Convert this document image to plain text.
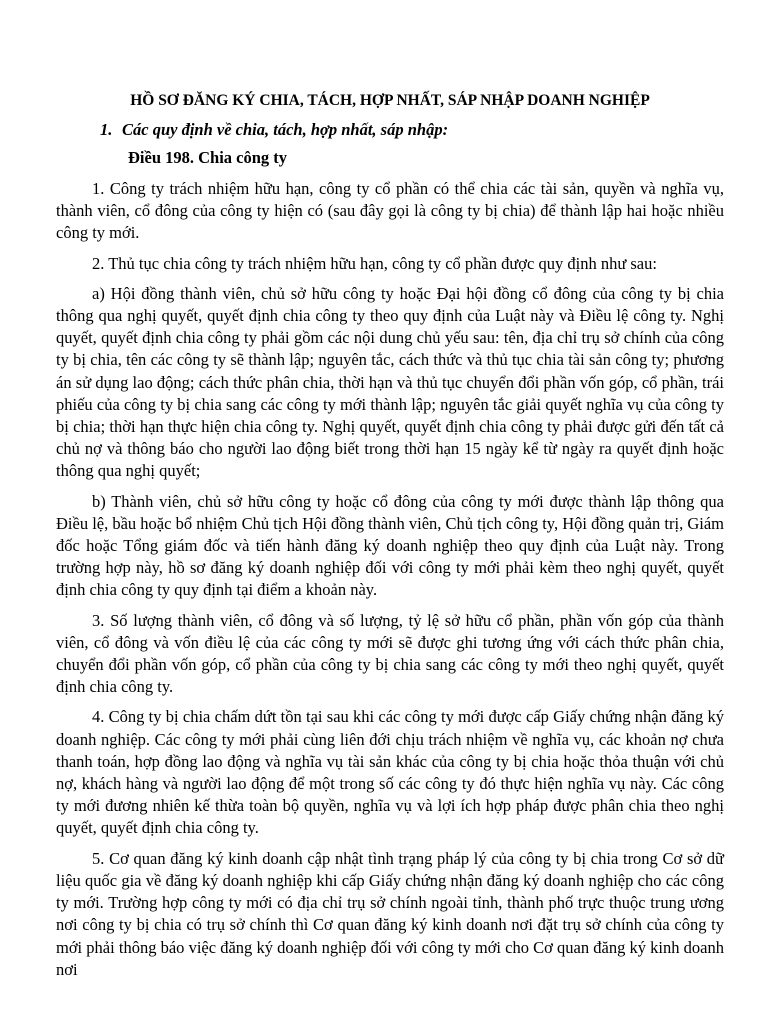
HỒ SƠ ĐĂNG KÝ CHIA, TÁCH, HỢP NHẤT, SÁP NHẬP DOANH NGHIỆP
1. Các quy định về chia, tách, hợp nhất, sáp nhập:
Điều 198. Chia công ty

1. Công ty trách nhiệm hữu hạn, công ty cổ phần có thể chia các tài sản, quyền và nghĩa vụ, thành viên, cổ đông của công ty hiện có (sau đây gọi là công ty bị chia) để thành lập hai hoặc nhiều công ty mới.

2. Thủ tục chia công ty trách nhiệm hữu hạn, công ty cổ phần được quy định như sau:

a) Hội đồng thành viên, chủ sở hữu công ty hoặc Đại hội đồng cổ đông của công ty bị chia thông qua nghị quyết, quyết định chia công ty theo quy định của Luật này và Điều lệ công ty. Nghị quyết, quyết định chia công ty phải gồm các nội dung chủ yếu sau: tên, địa chỉ trụ sở chính của công ty bị chia, tên các công ty sẽ thành lập; nguyên tắc, cách thức và thủ tục chia tài sản công ty; phương án sử dụng lao động; cách thức phân chia, thời hạn và thủ tục chuyển đổi phần vốn góp, cổ phần, trái phiếu của công ty bị chia sang các công ty mới thành lập; nguyên tắc giải quyết nghĩa vụ của công ty bị chia; thời hạn thực hiện chia công ty. Nghị quyết, quyết định chia công ty phải được gửi đến tất cả chủ nợ và thông báo cho người lao động biết trong thời hạn 15 ngày kể từ ngày ra quyết định hoặc thông qua nghị quyết;

b) Thành viên, chủ sở hữu công ty hoặc cổ đông của công ty mới được thành lập thông qua Điều lệ, bầu hoặc bổ nhiệm Chủ tịch Hội đồng thành viên, Chủ tịch công ty, Hội đồng quản trị, Giám đốc hoặc Tổng giám đốc và tiến hành đăng ký doanh nghiệp theo quy định của Luật này. Trong trường hợp này, hồ sơ đăng ký doanh nghiệp đối với công ty mới phải kèm theo nghị quyết, quyết định chia công ty quy định tại điểm a khoản này.

3. Số lượng thành viên, cổ đông và số lượng, tỷ lệ sở hữu cổ phần, phần vốn góp của thành viên, cổ đông và vốn điều lệ của các công ty mới sẽ được ghi tương ứng với cách thức phân chia, chuyển đổi phần vốn góp, cổ phần của công ty bị chia sang các công ty mới theo nghị quyết, quyết định chia công ty.

4. Công ty bị chia chấm dứt tồn tại sau khi các công ty mới được cấp Giấy chứng nhận đăng ký doanh nghiệp. Các công ty mới phải cùng liên đới chịu trách nhiệm về nghĩa vụ, các khoản nợ chưa thanh toán, hợp đồng lao động và nghĩa vụ tài sản khác của công ty bị chia hoặc thỏa thuận với chủ nợ, khách hàng và người lao động để một trong số các công ty đó thực hiện nghĩa vụ này. Các công ty mới đương nhiên kế thừa toàn bộ quyền, nghĩa vụ và lợi ích hợp pháp được phân chia theo nghị quyết, quyết định chia công ty.

5. Cơ quan đăng ký kinh doanh cập nhật tình trạng pháp lý của công ty bị chia trong Cơ sở dữ liệu quốc gia về đăng ký doanh nghiệp khi cấp Giấy chứng nhận đăng ký doanh nghiệp cho các công ty mới. Trường hợp công ty mới có địa chỉ trụ sở chính ngoài tỉnh, thành phố trực thuộc trung ương nơi công ty bị chia có trụ sở chính thì Cơ quan đăng ký kinh doanh nơi đặt trụ sở chính của công ty mới phải thông báo việc đăng ký doanh nghiệp đối với công ty mới cho Cơ quan đăng ký kinh doanh nơi
